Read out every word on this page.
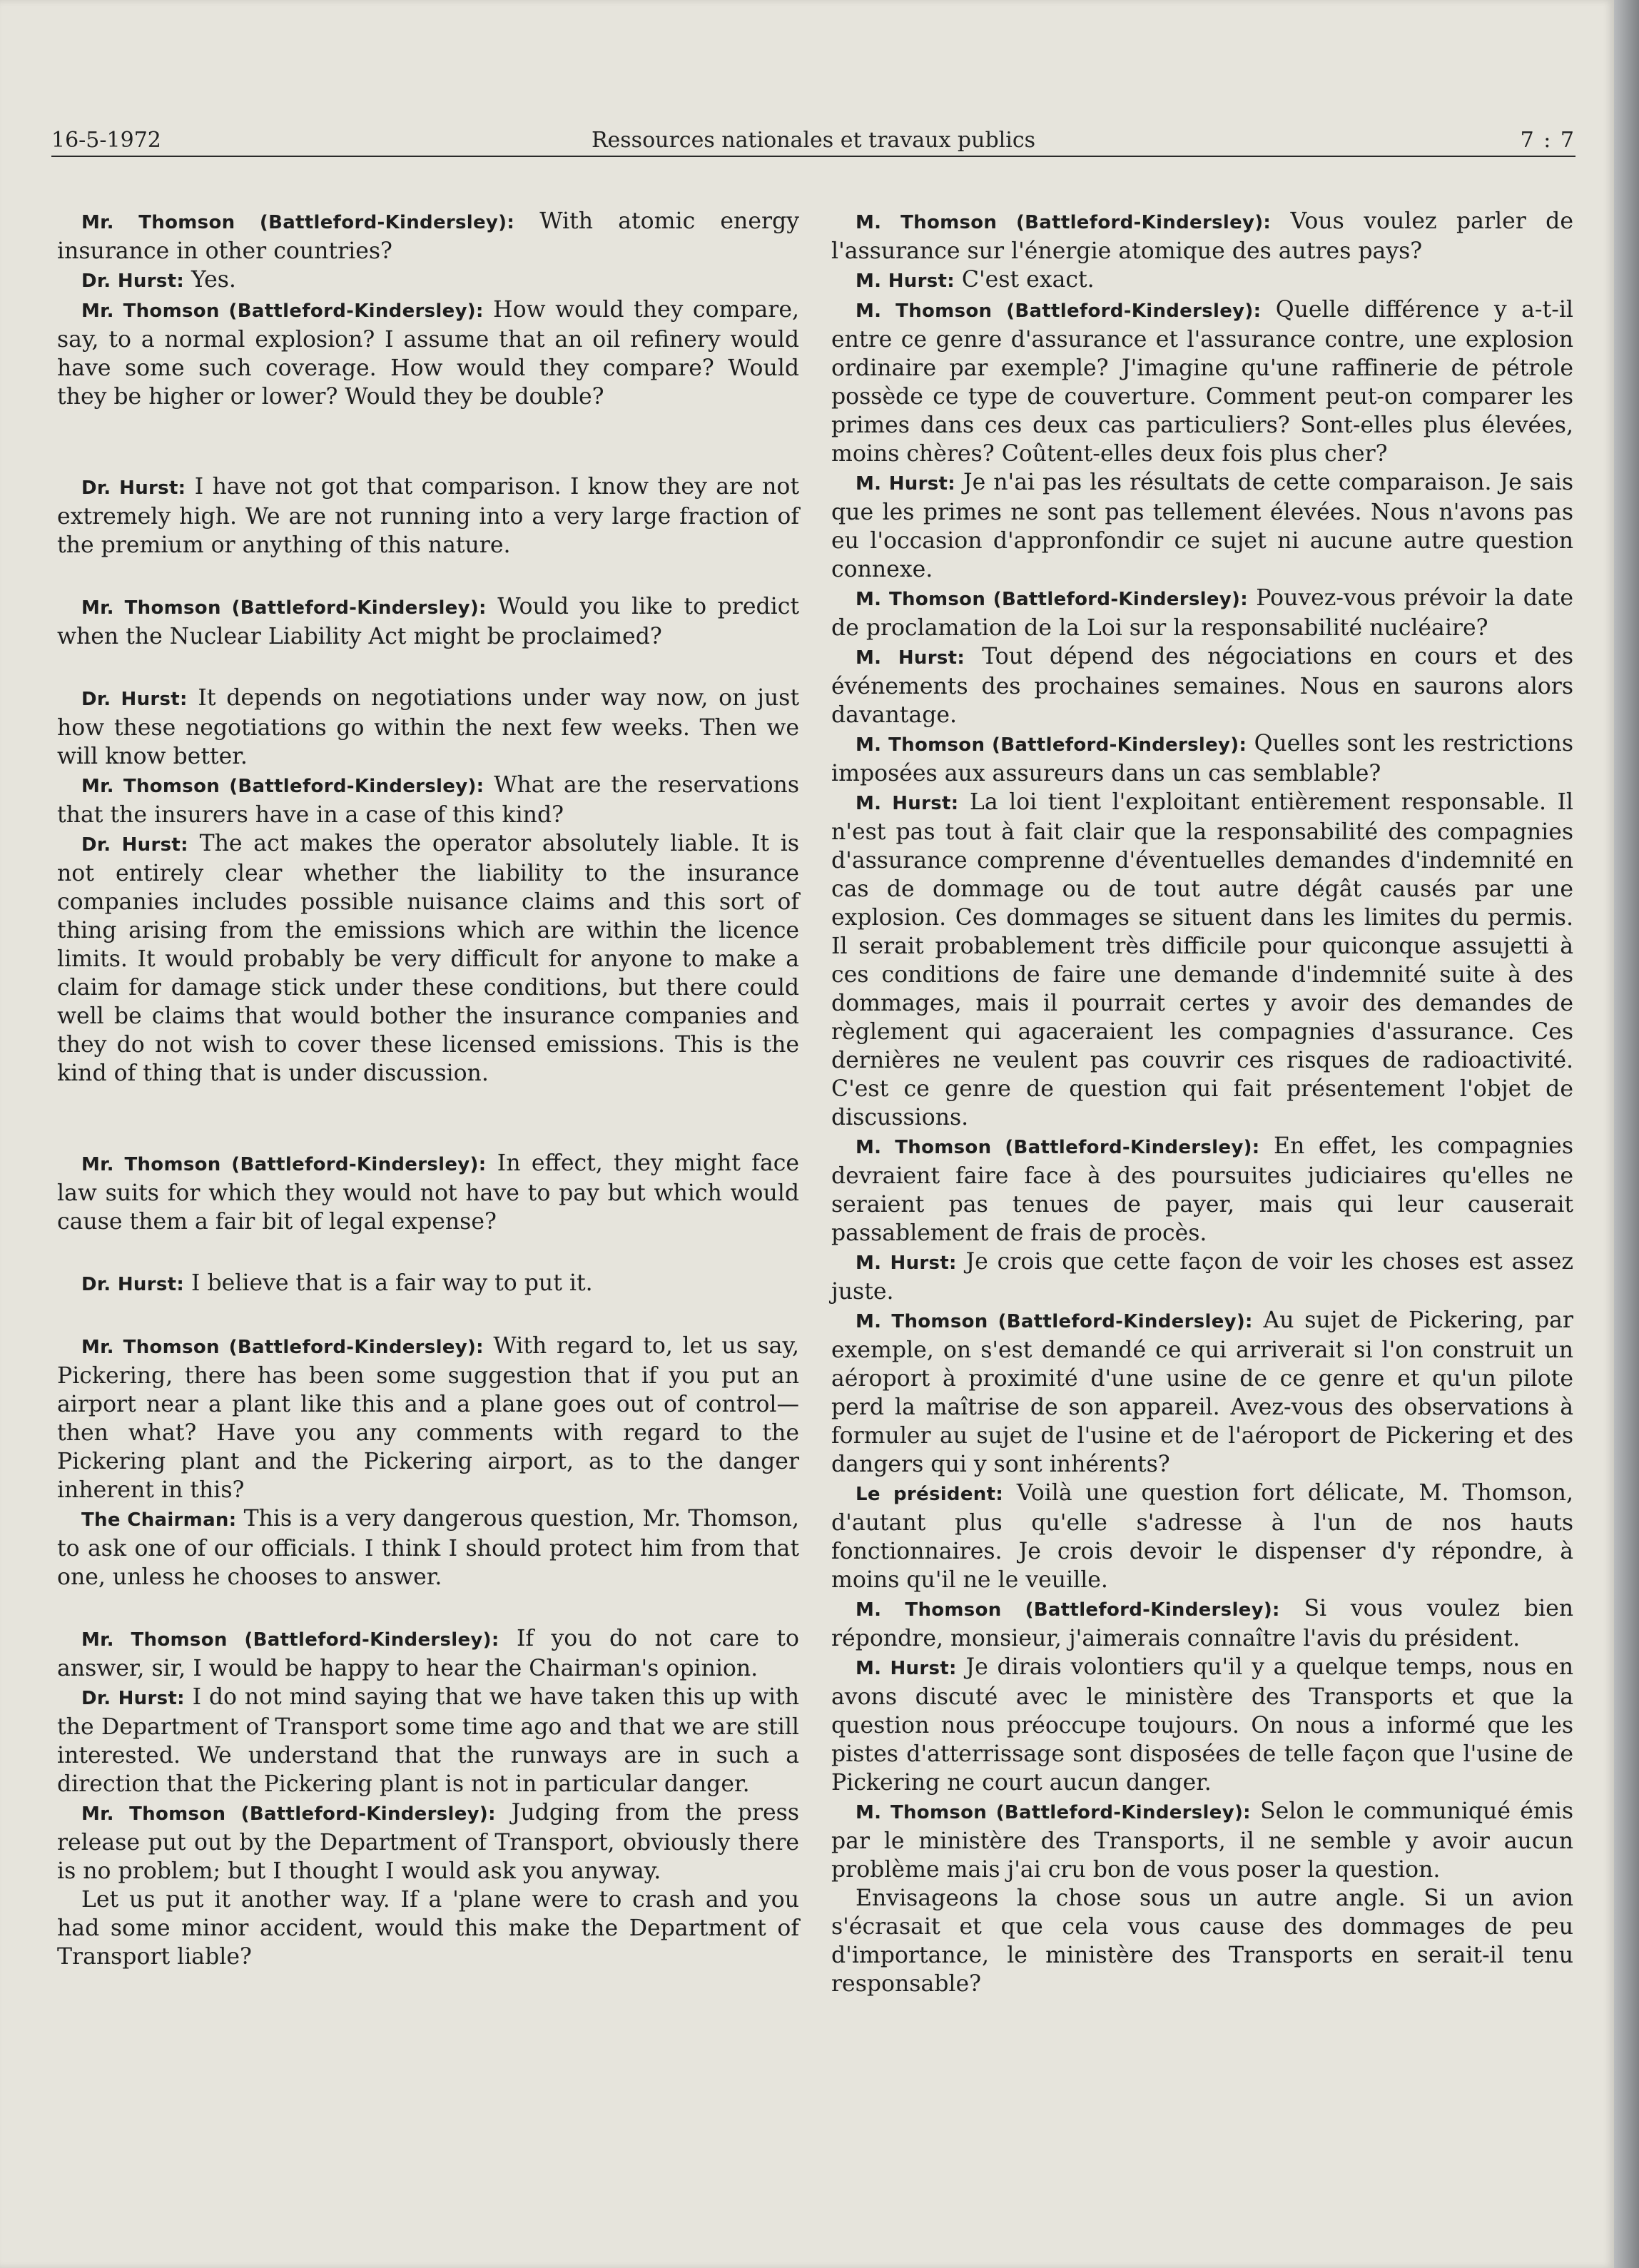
16-5-1972	Ressources nationales et travaux publics	7 : 7

Mr. Thomson (Battleford-Kindersley): With atomic energy insurance in other countries?

Dr. Hurst: Yes.

Mr. Thomson (Battleford-Kindersley): How would they compare, say, to a normal explosion? I assume that an oil refinery would have some such coverage. How would they compare? Would they be higher or lower? Would they be double?

Dr. Hurst: I have not got that comparison. I know they are not extremely high. We are not running into a very large fraction of the premium or anything of this nature.

Mr. Thomson (Battleford-Kindersley): Would you like to predict when the Nuclear Liability Act might be proclaimed?

Dr. Hurst: It depends on negotiations under way now, on just how these negotiations go within the next few weeks. Then we will know better.

Mr. Thomson (Battleford-Kindersley): What are the reservations that the insurers have in a case of this kind?

Dr. Hurst: The act makes the operator absolutely liable. It is not entirely clear whether the liability to the insurance companies includes possible nuisance claims and this sort of thing arising from the emissions which are within the licence limits. It would probably be very difficult for anyone to make a claim for damage stick under these conditions, but there could well be claims that would bother the insurance companies and they do not wish to cover these licensed emissions. This is the kind of thing that is under discussion.

Mr. Thomson (Battleford-Kindersley): In effect, they might face law suits for which they would not have to pay but which would cause them a fair bit of legal expense?

Dr. Hurst: I believe that is a fair way to put it.

Mr. Thomson (Battleford-Kindersley): With regard to, let us say, Pickering, there has been some suggestion that if you put an airport near a plant like this and a plane goes out of control—then what? Have you any comments with regard to the Pickering plant and the Pickering airport, as to the danger inherent in this?

The Chairman: This is a very dangerous question, Mr. Thomson, to ask one of our officials. I think I should protect him from that one, unless he chooses to answer.

Mr. Thomson (Battleford-Kindersley): If you do not care to answer, sir, I would be happy to hear the Chairman's opinion.

Dr. Hurst: I do not mind saying that we have taken this up with the Department of Transport some time ago and that we are still interested. We understand that the runways are in such a direction that the Pickering plant is not in particular danger.

Mr. Thomson (Battleford-Kindersley): Judging from the press release put out by the Department of Transport, obviously there is no problem; but I thought I would ask you anyway.

Let us put it another way. If a 'plane were to crash and you had some minor accident, would this make the Department of Transport liable?

M. Thomson (Battleford-Kindersley): Vous voulez parler de l'assurance sur l'énergie atomique des autres pays?

M. Hurst: C'est exact.

M. Thomson (Battleford-Kindersley): Quelle différence y a-t-il entre ce genre d'assurance et l'assurance contre, une explosion ordinaire par exemple? J'imagine qu'une raffinerie de pétrole possède ce type de couverture. Comment peut-on comparer les primes dans ces deux cas particuliers? Sont-elles plus élevées, moins chères? Coûtent-elles deux fois plus cher?

M. Hurst: Je n'ai pas les résultats de cette comparaison. Je sais que les primes ne sont pas tellement élevées. Nous n'avons pas eu l'occasion d'appronfondir ce sujet ni aucune autre question connexe.

M. Thomson (Battleford-Kindersley): Pouvez-vous prévoir la date de proclamation de la Loi sur la responsabilité nucléaire?

M. Hurst: Tout dépend des négociations en cours et des événements des prochaines semaines. Nous en saurons alors davantage.

M. Thomson (Battleford-Kindersley): Quelles sont les restrictions imposées aux assureurs dans un cas semblable?

M. Hurst: La loi tient l'exploitant entièrement responsable. Il n'est pas tout à fait clair que la responsabilité des compagnies d'assurance comprenne d'éventuelles demandes d'indemnité en cas de dommage ou de tout autre dégât causés par une explosion. Ces dommages se situent dans les limites du permis. Il serait probablement très difficile pour quiconque assujetti à ces conditions de faire une demande d'indemnité suite à des dommages, mais il pourrait certes y avoir des demandes de règlement qui agaceraient les compagnies d'assurance. Ces dernières ne veulent pas couvrir ces risques de radioactivité. C'est ce genre de question qui fait présentement l'objet de discussions.

M. Thomson (Battleford-Kindersley): En effet, les compagnies devraient faire face à des poursuites judiciaires qu'elles ne seraient pas tenues de payer, mais qui leur causerait passablement de frais de procès.

M. Hurst: Je crois que cette façon de voir les choses est assez juste.

M. Thomson (Battleford-Kindersley): Au sujet de Pickering, par exemple, on s'est demandé ce qui arriverait si l'on construit un aéroport à proximité d'une usine de ce genre et qu'un pilote perd la maîtrise de son appareil. Avez-vous des observations à formuler au sujet de l'usine et de l'aéroport de Pickering et des dangers qui y sont inhérents?

Le président: Voilà une question fort délicate, M. Thomson, d'autant plus qu'elle s'adresse à l'un de nos hauts fonctionnaires. Je crois devoir le dispenser d'y répondre, à moins qu'il ne le veuille.

M. Thomson (Battleford-Kindersley): Si vous voulez bien répondre, monsieur, j'aimerais connaître l'avis du président.

M. Hurst: Je dirais volontiers qu'il y a quelque temps, nous en avons discuté avec le ministère des Transports et que la question nous préoccupe toujours. On nous a informé que les pistes d'atterrissage sont disposées de telle façon que l'usine de Pickering ne court aucun danger.

M. Thomson (Battleford-Kindersley): Selon le communiqué émis par le ministère des Transports, il ne semble y avoir aucun problème mais j'ai cru bon de vous poser la question.

Envisageons la chose sous un autre angle. Si un avion s'écrasait et que cela vous cause des dommages de peu d'importance, le ministère des Transports en serait-il tenu responsable?
